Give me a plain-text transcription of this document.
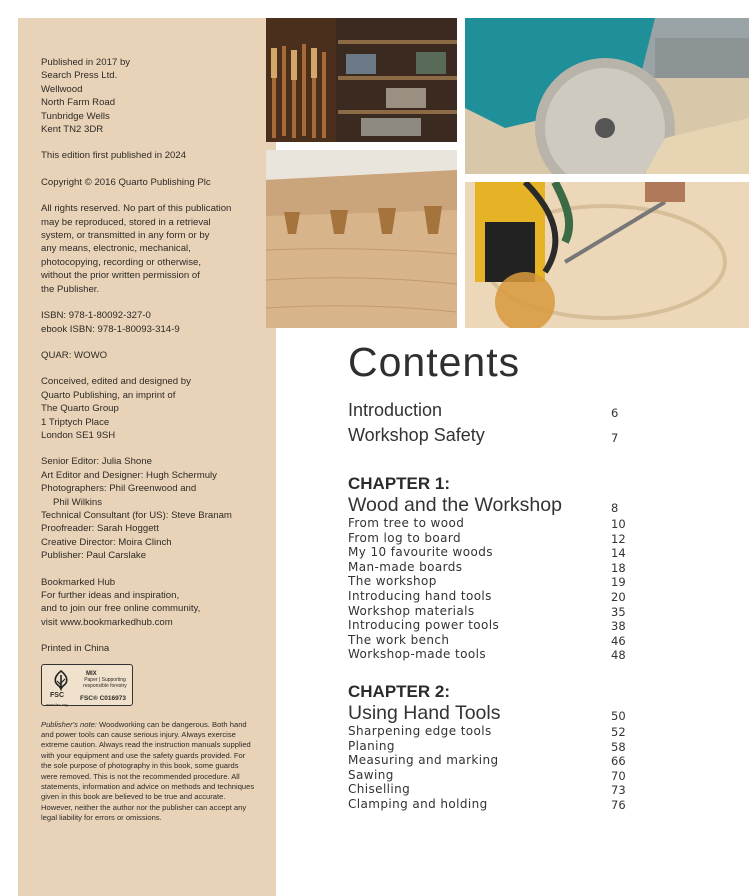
Published in 2017 by
Search Press Ltd.
Wellwood
North Farm Road
Tunbridge Wells
Kent TN2 3DR
This edition first published in 2024
Copyright © 2016 Quarto Publishing Plc
All rights reserved. No part of this publication
may be reproduced, stored in a retrieval
system, or transmitted in any form or by
any means, electronic, mechanical,
photocopying, recording or otherwise,
without the prior written permission of
the Publisher.
ISBN: 978-1-80092-327-0
ebook ISBN: 978-1-80093-314-9
QUAR: WOWO
Conceived, edited and designed by
Quarto Publishing, an imprint of
The Quarto Group
1 Triptych Place
London SE1 9SH
Senior Editor: Julia Shone
Art Editor and Designer: Hugh Schermuly
Photographers: Phil Greenwood and
Phil Wilkins
Technical Consultant (for US): Steve Branam
Proofreader: Sarah Hoggett
Creative Director: Moira Clinch
Publisher: Paul Carslake
Bookmarked Hub
For further ideas and inspiration,
and to join our free online community,
visit www.bookmarkedhub.com
Printed in China
FSC
www.fsc.org
MIX
Paper | Supporting responsible forestry
FSC® C016973
Publisher's note: Woodworking can be dangerous. Both hand and power tools can cause serious injury. Always exercise extreme caution. Always read the instruction manuals supplied with your equipment and use the safety guards provided. For the sole purpose of photography in this book, some guards were removed. This is not the recommended procedure. All statements, information and advice on methods and techniques given in this book are believed to be true and accurate. However, neither the author nor the publisher can accept any legal liability for errors or omissions.
Contents
Introduction	6
Workshop Safety	7
CHAPTER 1:
Wood and the Workshop	8
From tree to wood	10
From log to board	12
My 10 favourite woods	14
Man-made boards	18
The workshop	19
Introducing hand tools	20
Workshop materials	35
Introducing power tools	38
The work bench	46
Workshop-made tools	48
CHAPTER 2:
Using Hand Tools	50
Sharpening edge tools	52
Planing	58
Measuring and marking	66
Sawing	70
Chiselling	73
Clamping and holding	76
